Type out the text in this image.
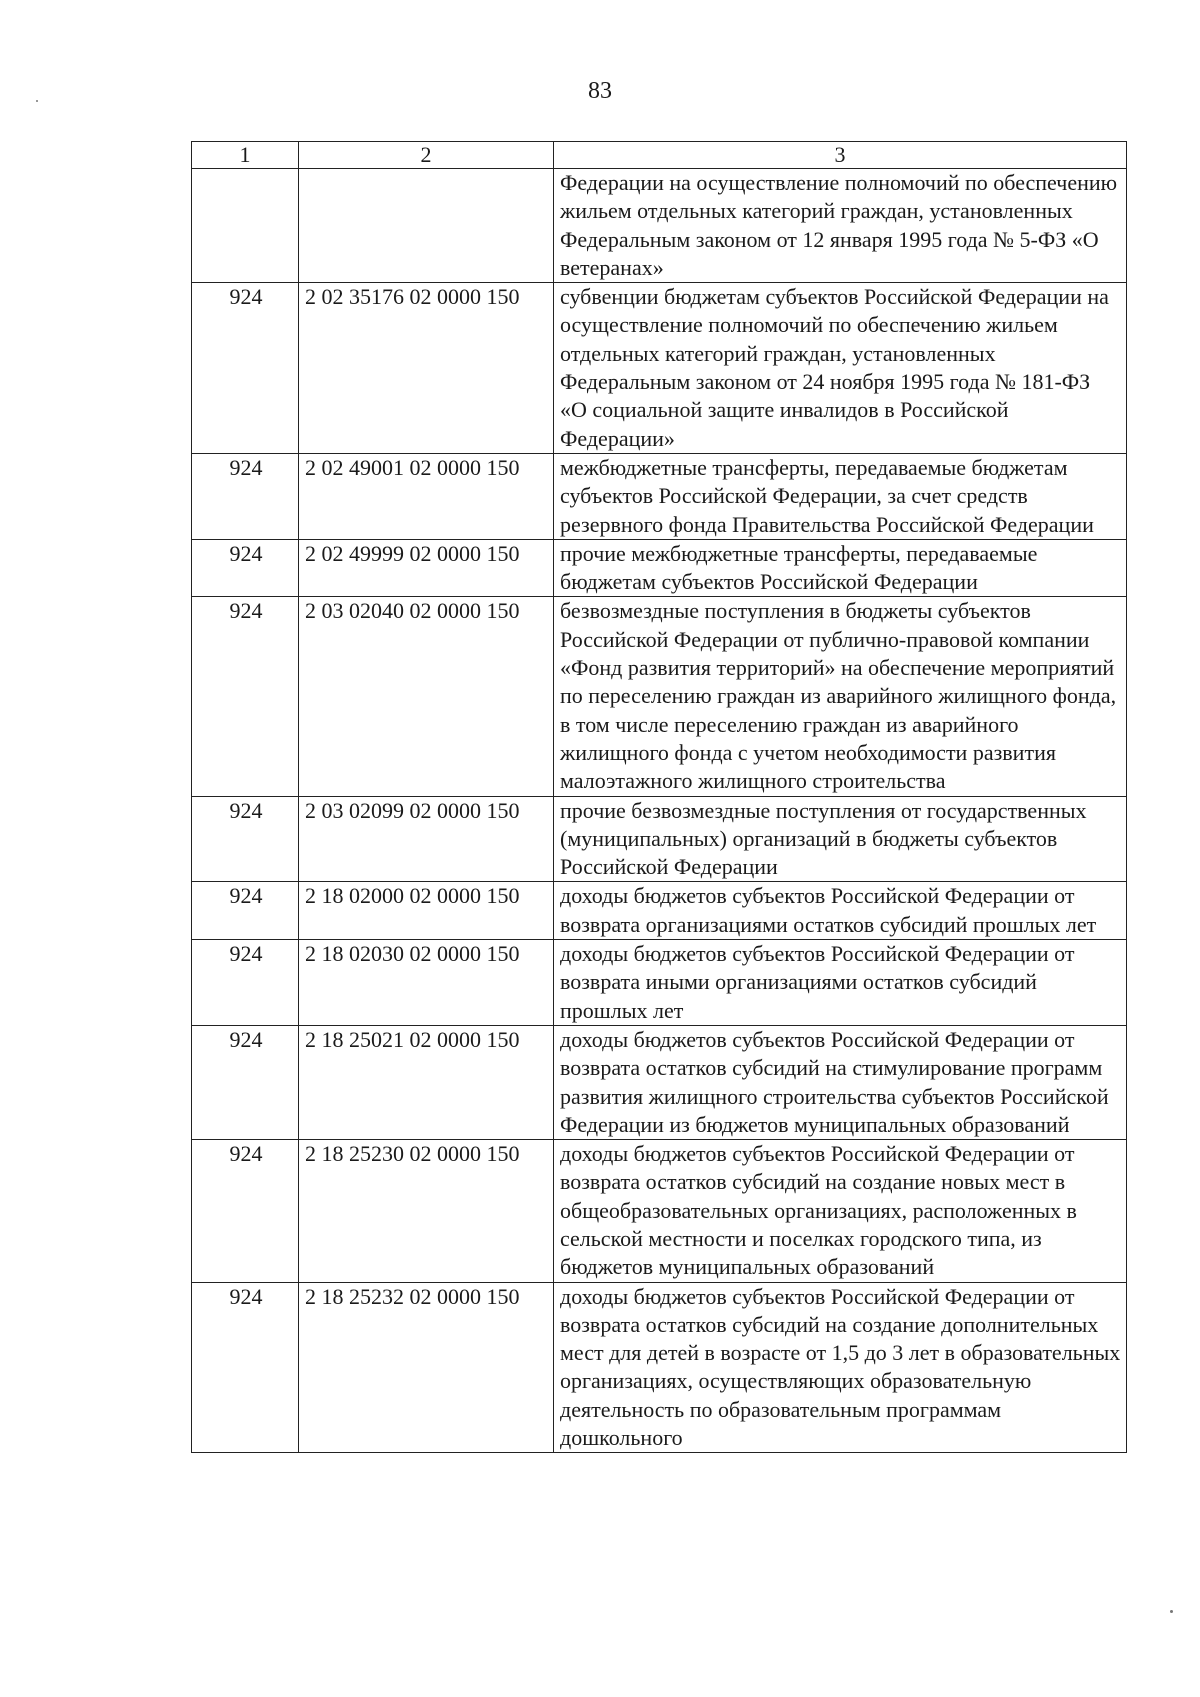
83
1	2	3
		Федерации на осуществление полномочий по обеспечению жильем отдельных категорий граждан, установленных Федеральным законом от 12 января 1995 года № 5-ФЗ «О ветеранах»
924	2 02 35176 02 0000 150	субвенции бюджетам субъектов Российской Федерации на осуществление полномочий по обеспечению жильем отдельных категорий граждан, установленных Федеральным законом от 24 ноября 1995 года № 181-ФЗ «О социальной защите инвалидов в Российской Федерации»
924	2 02 49001 02 0000 150	межбюджетные трансферты, передаваемые бюджетам субъектов Российской Федерации, за счет средств резервного фонда Правительства Российской Федерации
924	2 02 49999 02 0000 150	прочие межбюджетные трансферты, передаваемые бюджетам субъектов Российской Федерации
924	2 03 02040 02 0000 150	безвозмездные поступления в бюджеты субъектов Российской Федерации от публично-правовой компании «Фонд развития территорий» на обеспечение мероприятий по переселению граждан из аварийного жилищного фонда, в том числе переселению граждан из аварийного жилищного фонда с учетом необходимости развития малоэтажного жилищного строительства
924	2 03 02099 02 0000 150	прочие безвозмездные поступления от государственных (муниципальных) организаций в бюджеты субъектов Российской Федерации
924	2 18 02000 02 0000 150	доходы бюджетов субъектов Российской Федерации от возврата организациями остатков субсидий прошлых лет
924	2 18 02030 02 0000 150	доходы бюджетов субъектов Российской Федерации от возврата иными организациями остатков субсидий прошлых лет
924	2 18 25021 02 0000 150	доходы бюджетов субъектов Российской Федерации от возврата остатков субсидий на стимулирование программ развития жилищного строительства субъектов Российской Федерации из бюджетов муниципальных образований
924	2 18 25230 02 0000 150	доходы бюджетов субъектов Российской Федерации от возврата остатков субсидий на создание новых мест в общеобразовательных организациях, расположенных в сельской местности и поселках городского типа, из бюджетов муниципальных образований
924	2 18 25232 02 0000 150	доходы бюджетов субъектов Российской Федерации от возврата остатков субсидий на создание дополнительных мест для детей в возрасте от 1,5 до 3 лет в образовательных организациях, осуществляющих образовательную деятельность по образовательным программам дошкольного
